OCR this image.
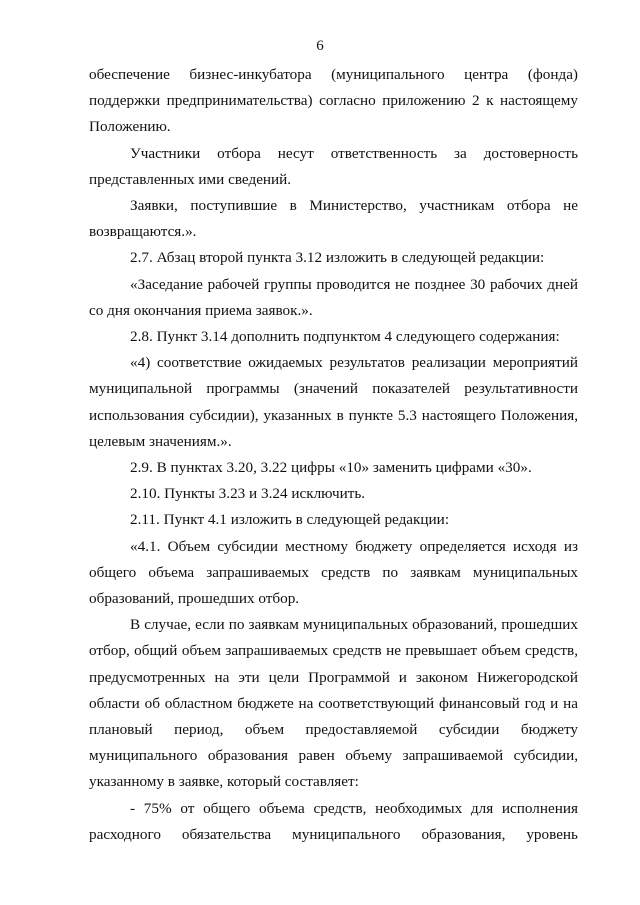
6

обеспечение бизнес-инкубатора (муниципального центра (фонда) поддержки предпринимательства) согласно приложению 2 к настоящему Положению.

Участники отбора несут ответственность за достоверность представленных ими сведений.

Заявки, поступившие в Министерство, участникам отбора не возвращаются.».

2.7. Абзац второй пункта 3.12 изложить в следующей редакции:

«Заседание рабочей группы проводится не позднее 30 рабочих дней со дня окончания приема заявок.».

2.8. Пункт 3.14 дополнить подпунктом 4 следующего содержания:

«4) соответствие ожидаемых результатов реализации мероприятий муниципальной программы (значений показателей результативности использования субсидии), указанных в пункте 5.3 настоящего Положения, целевым значениям.».

2.9. В пунктах 3.20, 3.22 цифры «10» заменить цифрами «30».

2.10. Пункты 3.23 и 3.24 исключить.

2.11. Пункт 4.1 изложить в следующей редакции:

«4.1. Объем субсидии местному бюджету определяется исходя из общего объема запрашиваемых средств по заявкам муниципальных образований, прошедших отбор.

В случае, если по заявкам муниципальных образований, прошедших отбор, общий объем запрашиваемых средств не превышает объем средств, предусмотренных на эти цели Программой и законом Нижегородской области об областном бюджете на соответствующий финансовый год и на плановый период, объем предоставляемой субсидии бюджету муниципального образования равен объему запрашиваемой субсидии, указанному в заявке, который составляет:

- 75% от общего объема средств, необходимых для исполнения расходного обязательства муниципального образования, уровень
